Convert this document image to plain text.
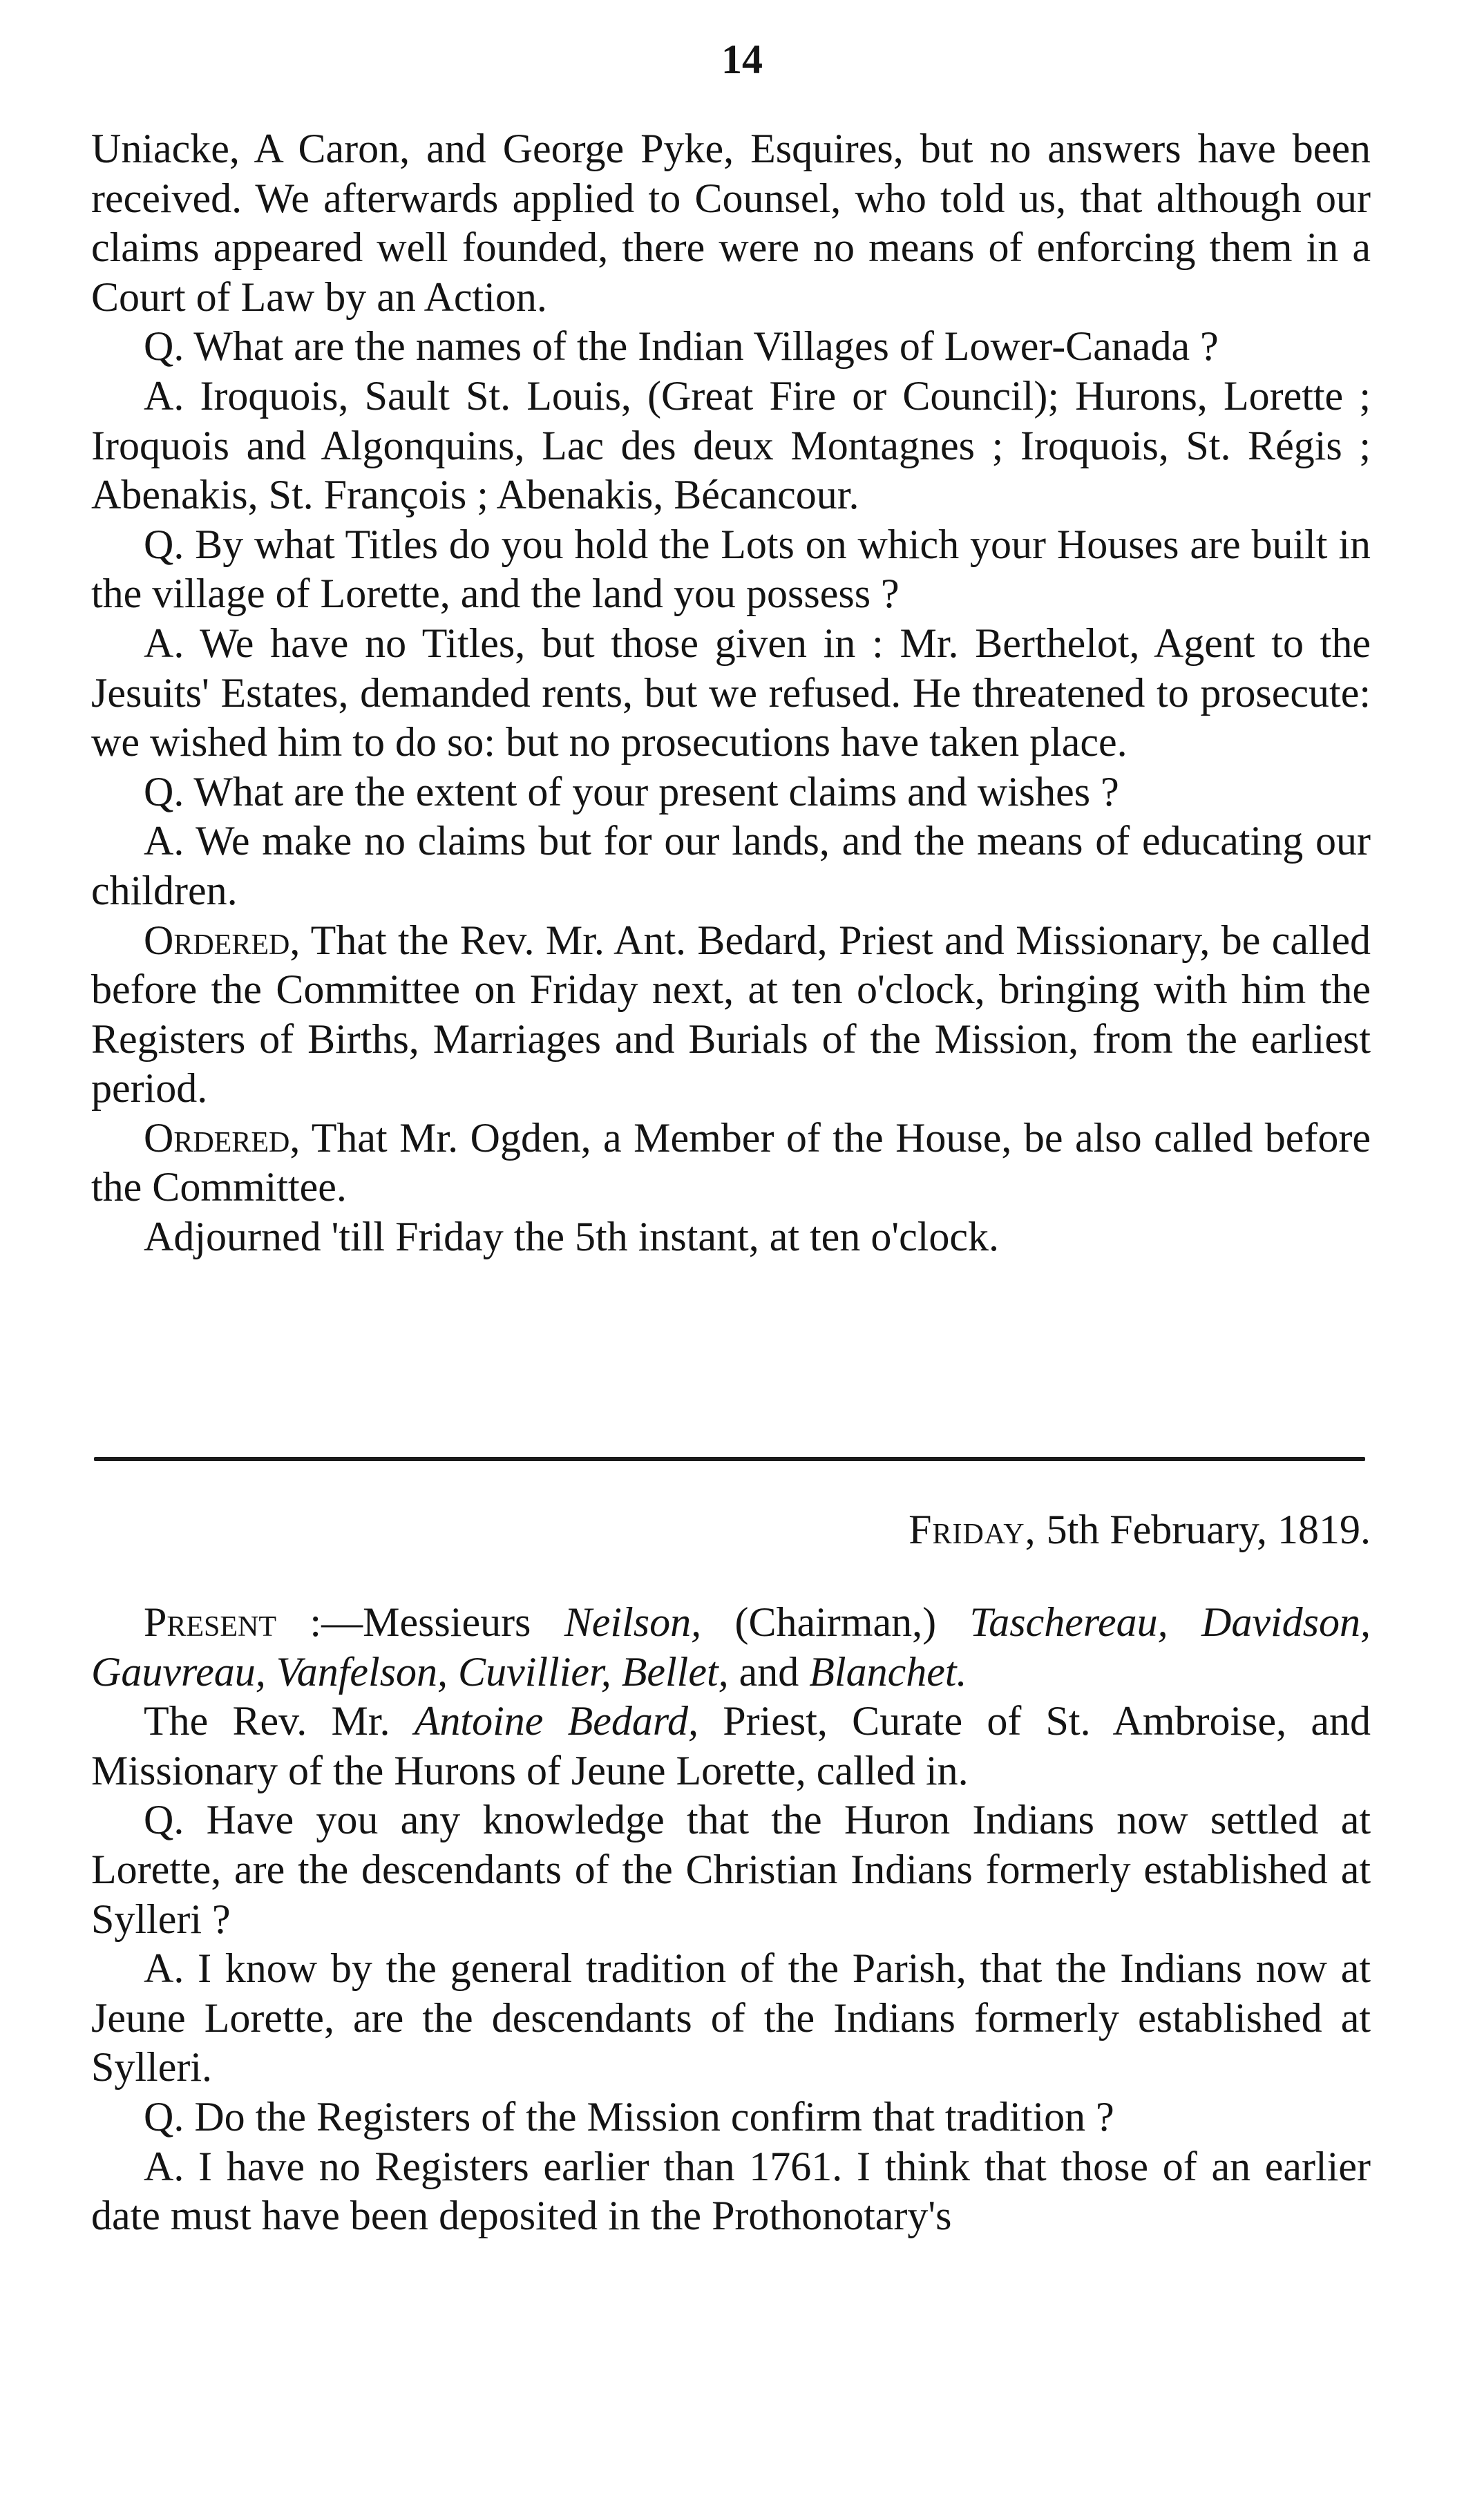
14

Uniacke, A Caron, and George Pyke, Esquires, but no answers have been received. We afterwards applied to Counsel, who told us, that although our claims appeared well founded, there were no means of enforcing them in a Court of Law by an Action.

Q. What are the names of the Indian Villages of Lower-Canada ?

A. Iroquois, Sault St. Louis, (Great Fire or Council); Hurons, Lorette ; Iroquois and Algonquins, Lac des deux Montagnes ; Iroquois, St. Régis ; Abenakis, St. François ; Abenakis, Bécancour.

Q. By what Titles do you hold the Lots on which your Houses are built in the village of Lorette, and the land you possess ?

A. We have no Titles, but those given in : Mr. Berthelot, Agent to the Jesuits' Estates, demanded rents, but we refused. He threatened to prosecute: we wished him to do so: but no prosecutions have taken place.

Q. What are the extent of your present claims and wishes ?

A. We make no claims but for our lands, and the means of educating our children.

Ordered, That the Rev. Mr. Ant. Bedard, Priest and Missionary, be called before the Committee on Friday next, at ten o'clock, bringing with him the Registers of Births, Marriages and Burials of the Mission, from the earliest period.

Ordered, That Mr. Ogden, a Member of the House, be also called before the Committee.

Adjourned 'till Friday the 5th instant, at ten o'clock.

Friday, 5th February, 1819.

Present :—Messieurs Neilson, (Chairman,) Taschereau, Davidson, Gauvreau, Vanfelson, Cuvillier, Bellet, and Blanchet.

The Rev. Mr. Antoine Bedard, Priest, Curate of St. Ambroise, and Missionary of the Hurons of Jeune Lorette, called in.

Q. Have you any knowledge that the Huron Indians now settled at Lorette, are the descendants of the Christian Indians formerly established at Sylleri ?

A. I know by the general tradition of the Parish, that the Indians now at Jeune Lorette, are the descendants of the Indians formerly established at Sylleri.

Q. Do the Registers of the Mission confirm that tradition ?

A. I have no Registers earlier than 1761. I think that those of an earlier date must have been deposited in the Prothonotary's
